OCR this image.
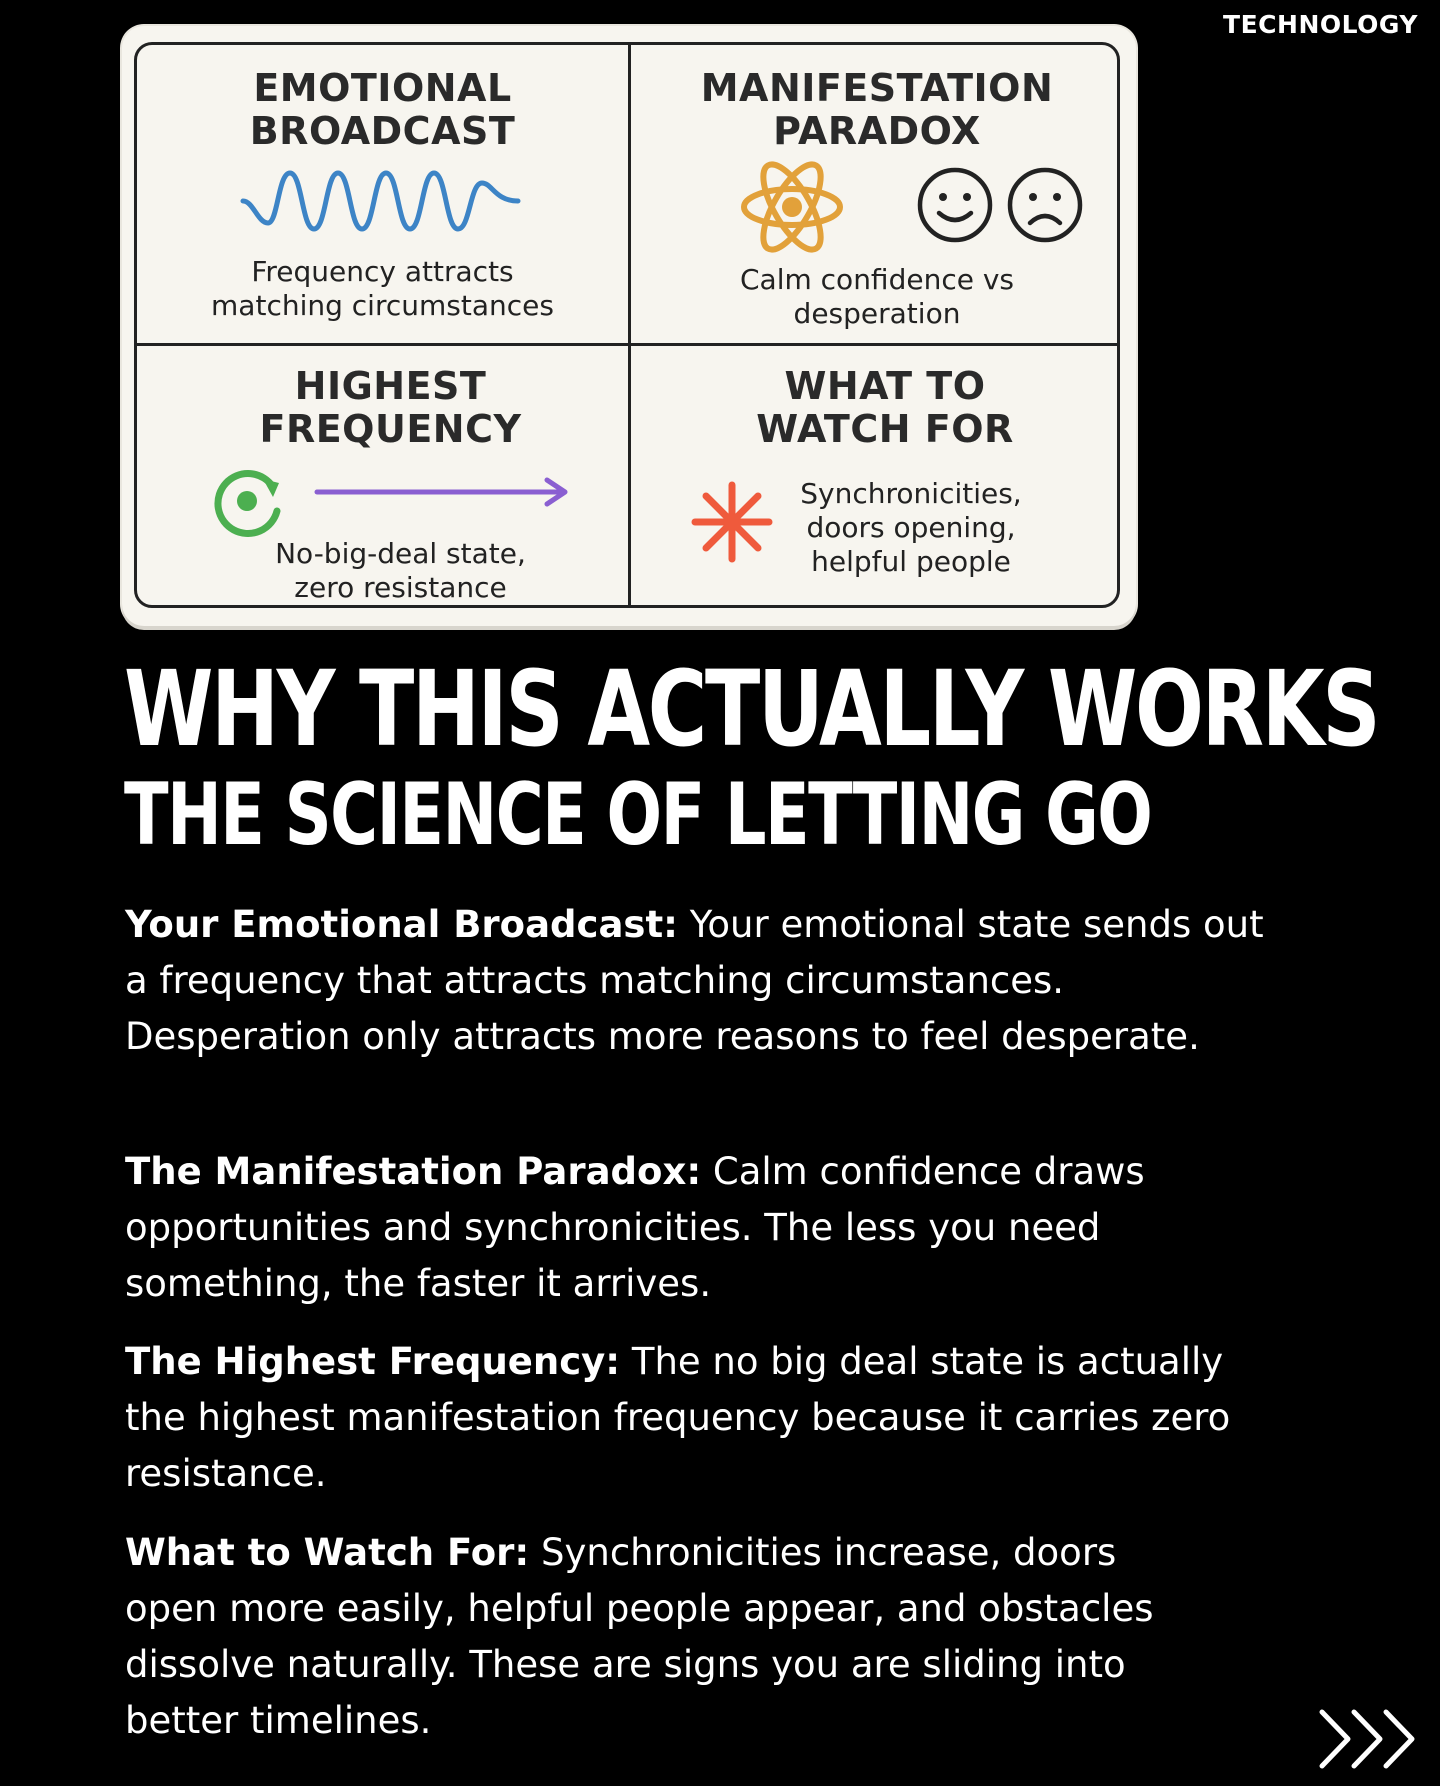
TECHNOLOGY
EMOTIONAL
BROADCAST
Frequency attracts
matching circumstances
MANIFESTATION
PARADOX
Calm confidence vs
desperation
HIGHEST
FREQUENCY
No-big-deal state,
zero resistance
WHAT TO
WATCH FOR
Synchronicities,
doors opening,
helpful people
WHY THIS ACTUALLY WORKS
THE SCIENCE OF LETTING GO
Your Emotional Broadcast: Your emotional state sends out a frequency that attracts matching circumstances. Desperation only attracts more reasons to feel desperate.
The Manifestation Paradox: Calm confidence draws opportunities and synchronicities. The less you need something, the faster it arrives.
The Highest Frequency: The no big deal state is actually the highest manifestation frequency because it carries zero resistance.
What to Watch For: Synchronicities increase, doors open more easily, helpful people appear, and obstacles dissolve naturally. These are signs you are sliding into better timelines.
